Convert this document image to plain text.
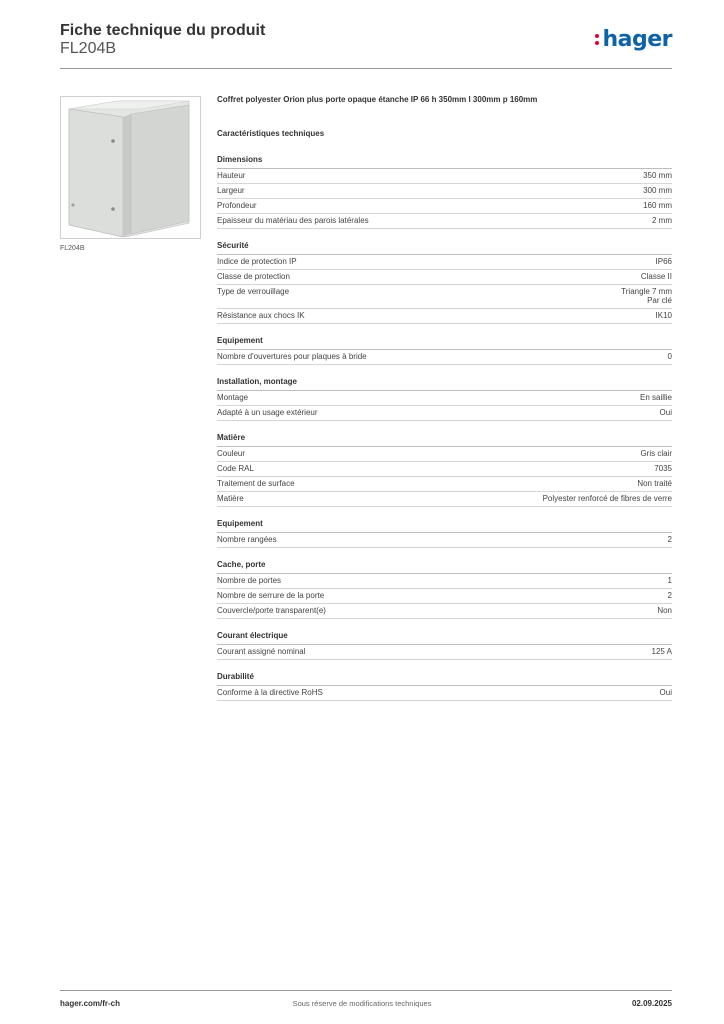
Fiche technique du produit
FL204B	hager
FL204B
Coffret polyester Orion plus porte opaque étanche IP 66 h 350mm l 300mm p 160mm
Caractéristiques techniques
Dimensions
Hauteur	350 mm
Largeur	300 mm
Profondeur	160 mm
Epaisseur du matériau des parois latérales	2 mm
Sécurité
Indice de protection IP	IP66
Classe de protection	Classe II
Type de verrouillage	Triangle 7 mm
Par clé
Résistance aux chocs IK	IK10
Equipement
Nombre d'ouvertures pour plaques à bride	0
Installation, montage
Montage	En saillie
Adapté à un usage extérieur	Oui
Matière
Couleur	Gris clair
Code RAL	7035
Traitement de surface	Non traité
Matière	Polyester renforcé de fibres de verre
Equipement
Nombre rangées	2
Cache, porte
Nombre de portes	1
Nombre de serrure de la porte	2
Couvercle/porte transparent(e)	Non
Courant électrique
Courant assigné nominal	125 A
Durabilité
Conforme à la directive RoHS	Oui
hager.com/fr-ch	Sous réserve de modifications techniques	02.09.2025
